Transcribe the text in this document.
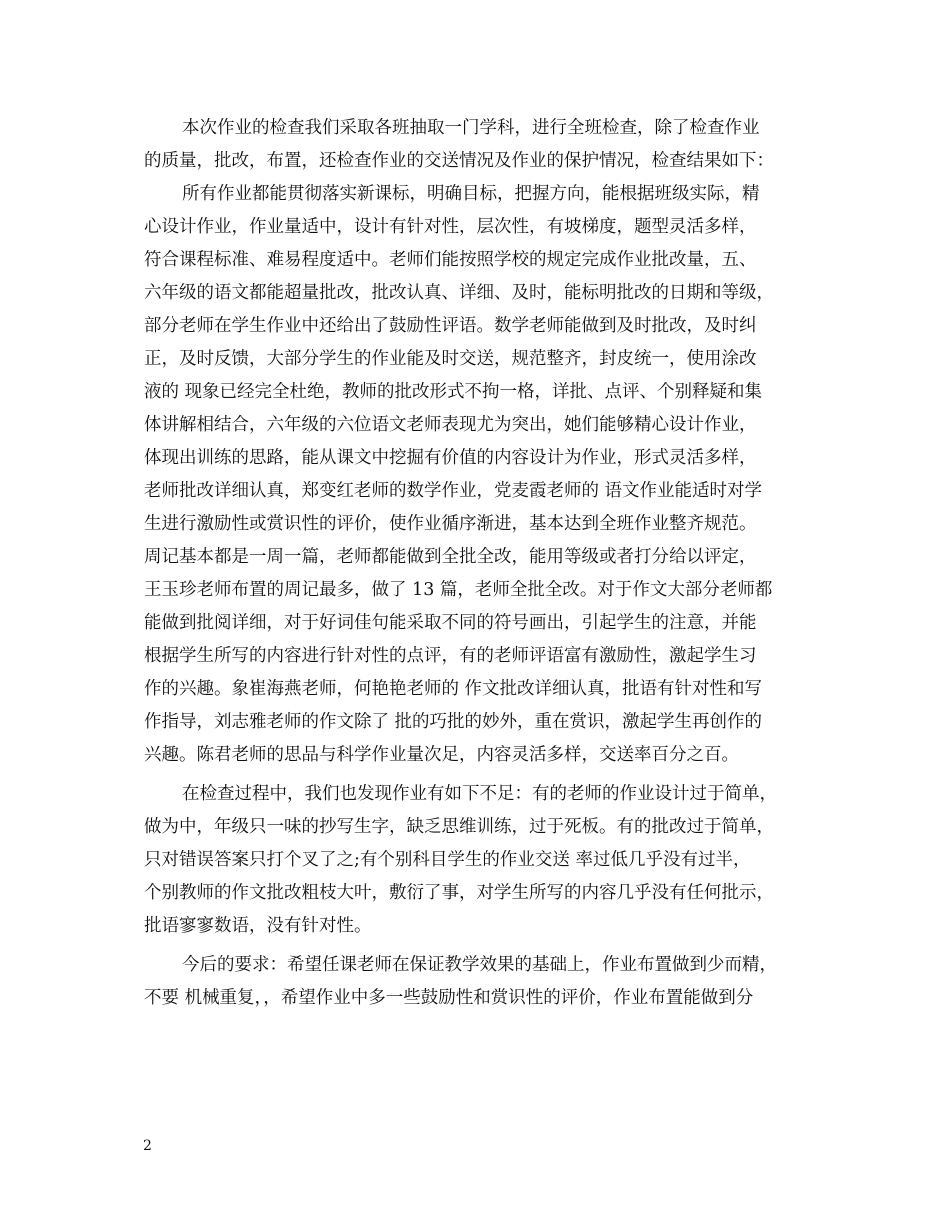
本次作业的检查我们采取各班抽取一门学科，进行全班检查，除了检查作业
的质量，批改，布置，还检查作业的交送情况及作业的保护情况，检查结果如下：
所有作业都能贯彻落实新课标，明确目标，把握方向，能根据班级实际，精
心设计作业，作业量适中，设计有针对性，层次性，有坡梯度，题型灵活多样，
符合课程标准、难易程度适中。老师们能按照学校的规定完成作业批改量，五、
六年级的语文都能超量批改，批改认真、详细、及时，能标明批改的日期和等级，
部分老师在学生作业中还给出了鼓励性评语。数学老师能做到及时批改，及时纠
正，及时反馈，大部分学生的作业能及时交送，规范整齐，封皮统一，使用涂改
液的 现象已经完全杜绝，教师的批改形式不拘一格，详批、点评、个别释疑和集
体讲解相结合，六年级的六位语文老师表现尤为突出，她们能够精心设计作业，
体现出训练的思路，能从课文中挖掘有价值的内容设计为作业，形式灵活多样，
老师批改详细认真，郑变红老师的数学作业，党麦霞老师的 语文作业能适时对学
生进行激励性或赏识性的评价，使作业循序渐进，基本达到全班作业整齐规范。
周记基本都是一周一篇，老师都能做到全批全改，能用等级或者打分给以评定，
王玉珍老师布置的周记最多，做了 13 篇，老师全批全改。对于作文大部分老师都
能做到批阅详细，对于好词佳句能采取不同的符号画出，引起学生的注意，并能
根据学生所写的内容进行针对性的点评，有的老师评语富有激励性，激起学生习
作的兴趣。象崔海燕老师，何艳艳老师的 作文批改详细认真，批语有针对性和写
作指导，刘志雅老师的作文除了 批的巧批的妙外，重在赏识，激起学生再创作的
兴趣。陈君老师的思品与科学作业量次足，内容灵活多样，交送率百分之百。
在检查过程中，我们也发现作业有如下不足：有的老师的作业设计过于简单，
做为中，年级只一味的抄写生字，缺乏思维训练，过于死板。有的批改过于简单，
只对错误答案只打个叉了之;有个别科目学生的作业交送 率过低几乎没有过半，
个别教师的作文批改粗枝大叶，敷衍了事，对学生所写的内容几乎没有任何批示，
批语寥寥数语，没有针对性。
今后的要求：希望任课老师在保证教学效果的基础上，作业布置做到少而精，
不要 机械重复，，希望作业中多一些鼓励性和赏识性的评价，作业布置能做到分
2
